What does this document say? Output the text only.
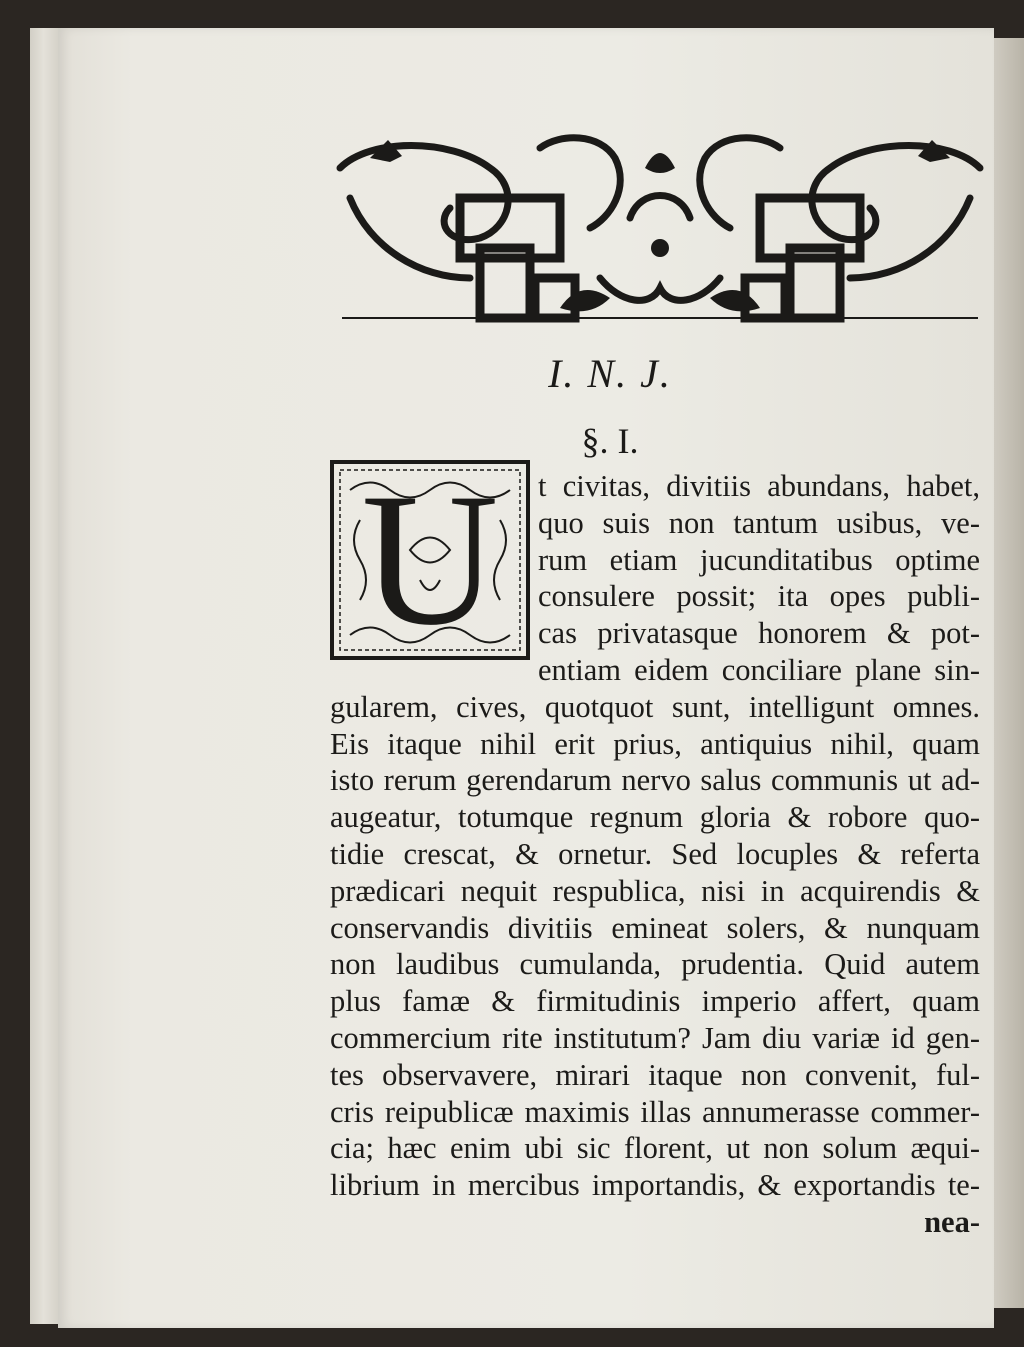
I. N. J.
§. I.
U	t civitas, divitiis abundans, habet,
quo suis non tantum usibus, ve-
rum etiam jucunditatibus optime
consulere possit; ita opes publi-
cas privatasque honorem & pot-
entiam eidem conciliare plane sin-
gularem, cives, quotquot sunt, intelligunt omnes.
Eis itaque nihil erit prius, antiquius nihil, quam
isto rerum gerendarum nervo salus communis ut ad-
augeatur, totumque regnum gloria & robore quo-
tidie crescat, & ornetur. Sed locuples & referta
prædicari nequit respublica, nisi in acquirendis &
conservandis divitiis emineat solers, & nunquam
non laudibus cumulanda, prudentia. Quid autem
plus famæ & firmitudinis imperio affert, quam
commercium rite institutum? Jam diu variæ id gen-
tes observavere, mirari itaque non convenit, ful-
cris reipublicæ maximis illas annumerasse commer-
cia; hæc enim ubi sic florent, ut non solum æqui-
librium in mercibus importandis, & exportandis te-
nea-
